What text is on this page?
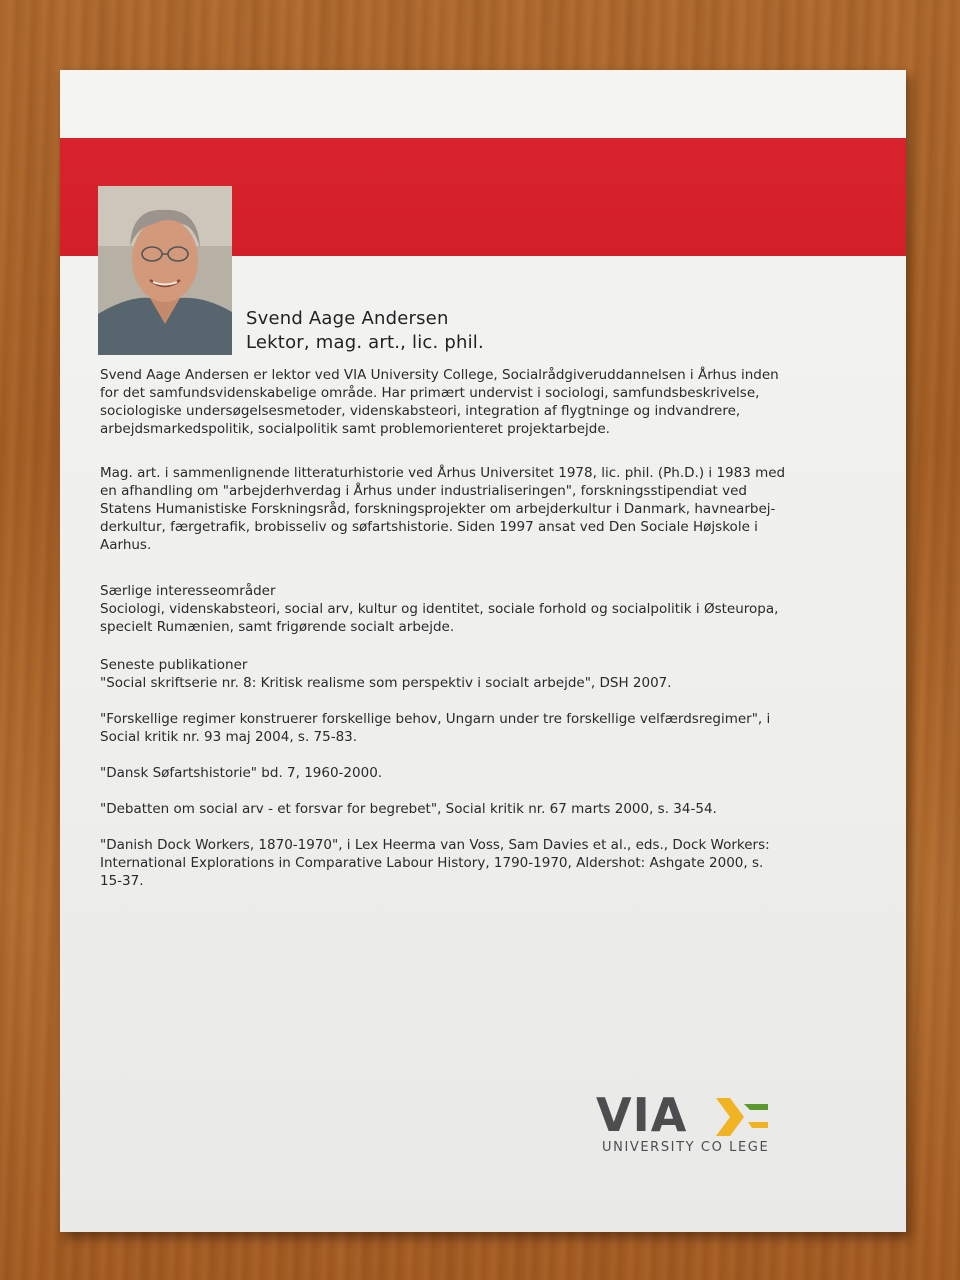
Svend Aage Andersen
Lektor, mag. art., lic. phil.
Svend Aage Andersen er lektor ved VIA University College, Socialrådgiveruddannelsen i Århus inden
for det samfundsvidenskabelige område. Har primært undervist i sociologi, samfundsbeskrivelse,
sociologiske undersøgelsesmetoder, videnskabsteori, integration af flygtninge og indvandrere,
arbejdsmarkedspolitik, socialpolitik samt problemorienteret projektarbejde.
Mag. art. i sammenlignende litteraturhistorie ved Århus Universitet 1978, lic. phil. (Ph.D.) i 1983 med
en afhandling om "arbejderhverdag i Århus under industrialiseringen", forskningsstipendiat ved
Statens Humanistiske Forskningsråd, forskningsprojekter om arbejderkultur i Danmark, havnearbej-
derkultur, færgetrafik, brobisseliv og søfartshistorie. Siden 1997 ansat ved Den Sociale Højskole i
Aarhus.
Særlige interesseområder
Sociologi, videnskabsteori, social arv, kultur og identitet, sociale forhold og socialpolitik i Østeuropa,
specielt Rumænien, samt frigørende socialt arbejde.
Seneste publikationer
"Social skriftserie nr. 8: Kritisk realisme som perspektiv i socialt arbejde", DSH 2007.

"Forskellige regimer konstruerer forskellige behov, Ungarn under tre forskellige velfærdsregimer", i
Social kritik nr. 93 maj 2004, s. 75-83.

"Dansk Søfartshistorie" bd. 7, 1960-2000.

"Debatten om social arv - et forsvar for begrebet", Social kritik nr. 67 marts 2000, s. 34-54.

"Danish Dock Workers, 1870-1970", i Lex Heerma van Voss, Sam Davies et al., eds., Dock Workers:
International Explorations in Comparative Labour History, 1790-1970, Aldershot: Ashgate 2000, s.
15-37.
VIA
UNIVERSITY CO LEGE
